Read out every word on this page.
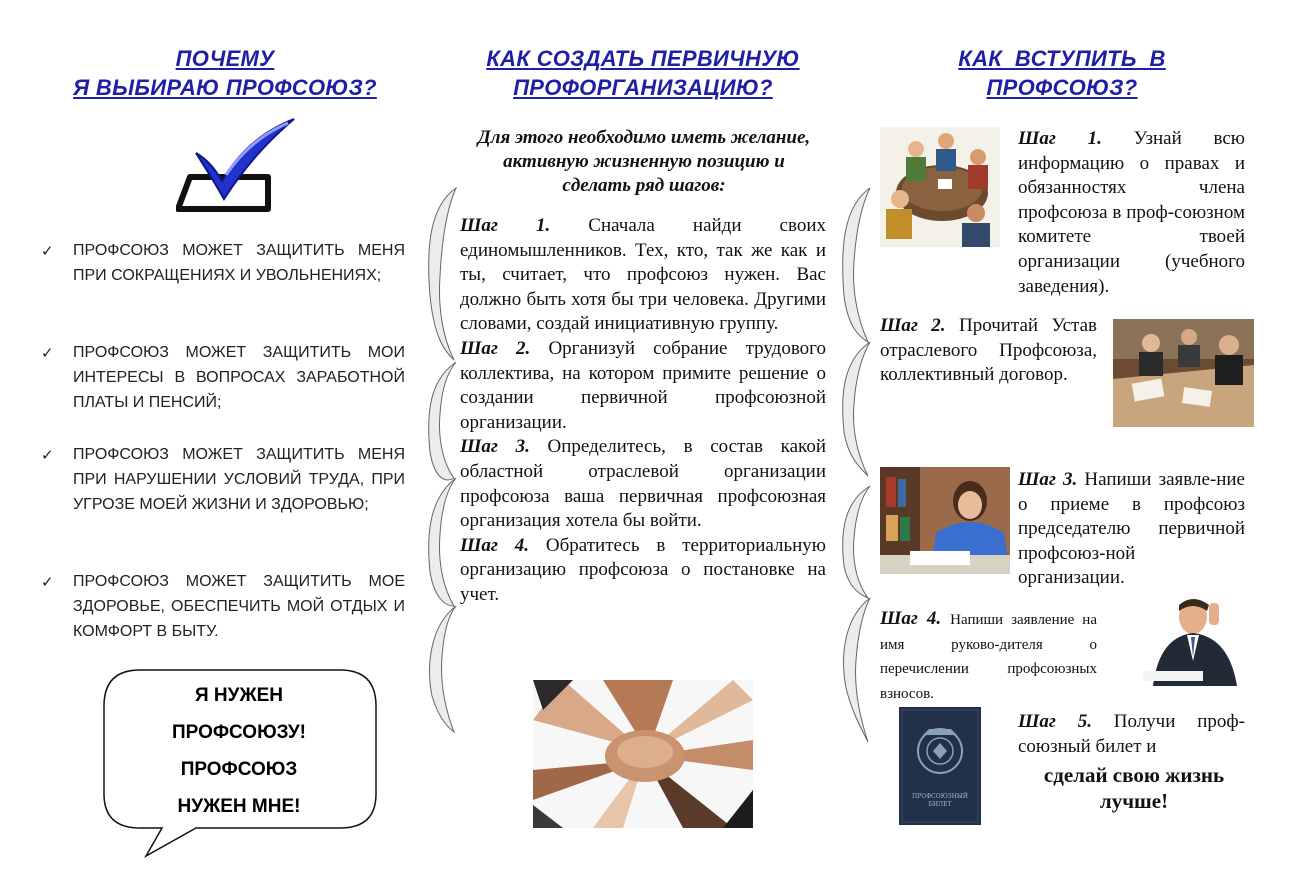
ПОЧЕМУ
Я ВЫБИРАЮ ПРОФСОЮЗ?
✓ ПРОФСОЮЗ МОЖЕТ ЗАЩИТИТЬ МЕНЯ ПРИ СОКРАЩЕНИЯХ И УВОЛЬНЕНИЯХ;
✓ ПРОФСОЮЗ МОЖЕТ ЗАЩИТИТЬ МОИ ИНТЕРЕСЫ В ВОПРОСАХ ЗАРАБОТНОЙ ПЛАТЫ И ПЕНСИЙ;
✓ ПРОФСОЮЗ МОЖЕТ ЗАЩИТИТЬ МЕНЯ ПРИ НАРУШЕНИИ УСЛОВИЙ ТРУДА, ПРИ УГРОЗЕ МОЕЙ ЖИЗНИ И ЗДОРОВЬЮ;
✓ ПРОФСОЮЗ МОЖЕТ ЗАЩИТИТЬ МОЕ ЗДОРОВЬЕ, ОБЕСПЕЧИТЬ МОЙ ОТДЫХ И КОМФОРТ В БЫТУ.
Я НУЖЕН
ПРОФСОЮЗУ!
ПРОФСОЮЗ
НУЖЕН МНЕ!
КАК СОЗДАТЬ ПЕРВИЧНУЮ
ПРОФОРГАНИЗАЦИЮ?
Для этого необходимо иметь желание, активную жизненную позицию и сделать ряд шагов:
Шаг 1. Сначала найди своих единомышленников. Тех, кто, так же как и ты, считает, что профсоюз нужен. Вас должно быть хотя бы три человека. Другими словами, создай инициативную группу.
Шаг 2. Организуй собрание трудового коллектива, на котором примите решение о создании первичной профсоюзной организации.
Шаг 3. Определитесь, в состав какой областной отраслевой организации профсоюза ваша первичная профсоюзная организация хотела бы войти.
Шаг 4. Обратитесь в территориальную организацию профсоюза о постановке на учет.
КАК  ВСТУПИТЬ  В
ПРОФСОЮЗ?
Шаг 1. Узнай всю информацию о правах и обязанностях члена профсоюза в проф-союзном комитете твоей организации (учебного заведения).
Шаг 2. Прочитай Устав отраслевого Профсоюза, коллективный договор.
Шаг 3. Напиши заявле-ние о приеме в профсоюз председателю первичной профсоюз-ной организации.
Шаг 4. Напиши заявление на имя руково-дителя о перечислении профсоюзных взносов.
ПРОФСОЮЗНЫЙ БИЛЕТ
Шаг 5. Получи проф-союзный билет и
сделай свою жизнь лучше!
